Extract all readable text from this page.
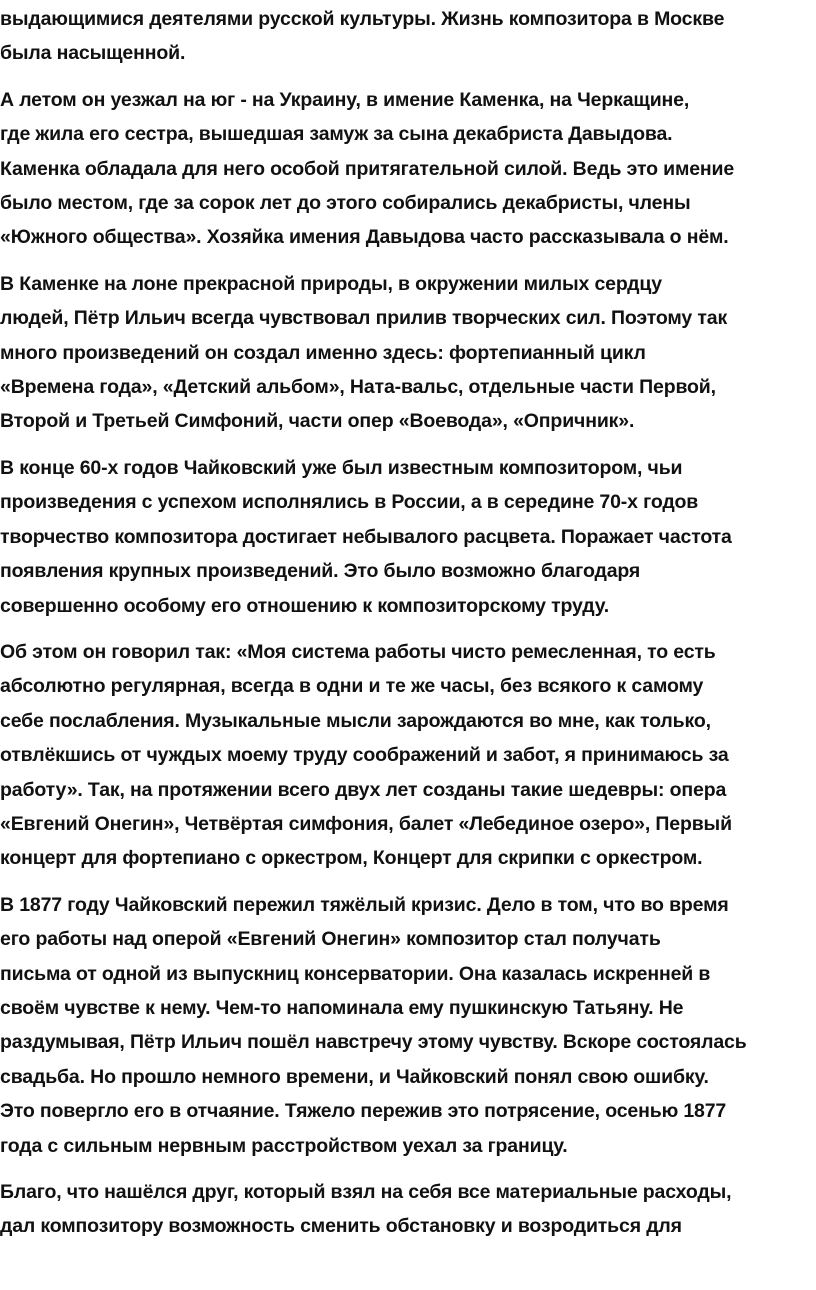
выдающимися деятелями русской культуры. Жизнь композитора в Москве
была насыщенной.

А летом он уезжал на юг - на Украину, в имение Каменка, на Черкащине,
где жила его сестра, вышедшая замуж за сына декабриста Давыдова.
Каменка обладала для него особой притягательной силой. Ведь это имение
было местом, где за сорок лет до этого собирались декабристы, члены
«Южного общества». Хозяйка имения Давыдова часто рассказывала о нём.

В Каменке на лоне прекрасной природы, в окружении милых сердцу
людей, Пётр Ильич всегда чувствовал прилив творческих сил. Поэтому так
много произведений он создал именно здесь: фортепианный цикл
«Времена года», «Детский альбом», Ната-вальс, отдельные части Первой,
Второй и Третьей Симфоний, части опер «Воевода», «Опричник».

В конце 60-х годов Чайковский уже был известным композитором, чьи
произведения с успехом исполнялись в России, а в середине 70-х годов
творчество композитора достигает небывалого расцвета. Поражает частота
появления крупных произведений. Это было возможно благодаря
совершенно особому его отношению к композиторскому труду.

Об этом он говорил так: «Моя система работы чисто ремесленная, то есть
абсолютно регулярная, всегда в одни и те же часы, без всякого к самому
себе послабления. Музыкальные мысли зарождаются во мне, как только,
отвлёкшись от чуждых моему труду соображений и забот, я принимаюсь за
работу». Так, на протяжении всего двух лет созданы такие шедевры: опера
«Евгений Онегин», Четвёртая симфония, балет «Лебединое озеро», Первый
концерт для фортепиано с оркестром, Концерт для скрипки с оркестром.

В 1877 году Чайковский пережил тяжёлый кризис. Дело в том, что во время
его работы над оперой «Евгений Онегин» композитор стал получать
письма от одной из выпускниц консерватории. Она казалась искренней в
своём чувстве к нему. Чем-то напоминала ему пушкинскую Татьяну. Не
раздумывая, Пётр Ильич пошёл навстречу этому чувству. Вскоре состоялась
свадьба. Но прошло немного времени, и Чайковский понял свою ошибку.
Это повергло его в отчаяние. Тяжело пережив это потрясение, осенью 1877
года с сильным нервным расстройством уехал за границу.

Благо, что нашёлся друг, который взял на себя все материальные расходы,
дал композитору возможность сменить обстановку и возродиться для
